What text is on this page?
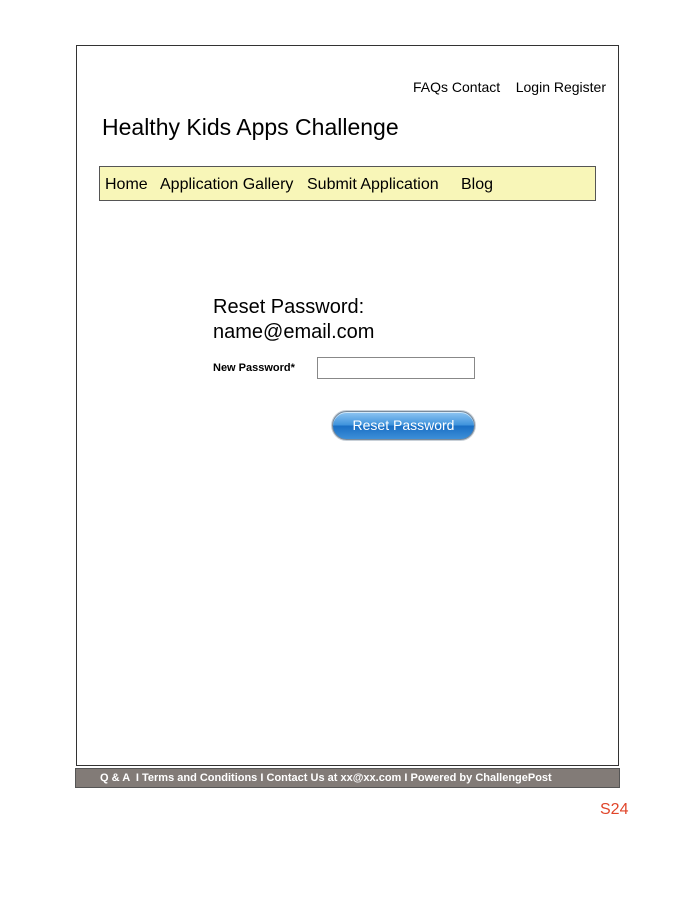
FAQs Contact Login Register
Healthy Kids Apps Challenge
Home Application Gallery Submit Application Blog
Reset Password:
name@email.com
New Password*
Reset Password
Q & A I Terms and Conditions I Contact Us at xx@xx.com I Powered by ChallengePost
S24
